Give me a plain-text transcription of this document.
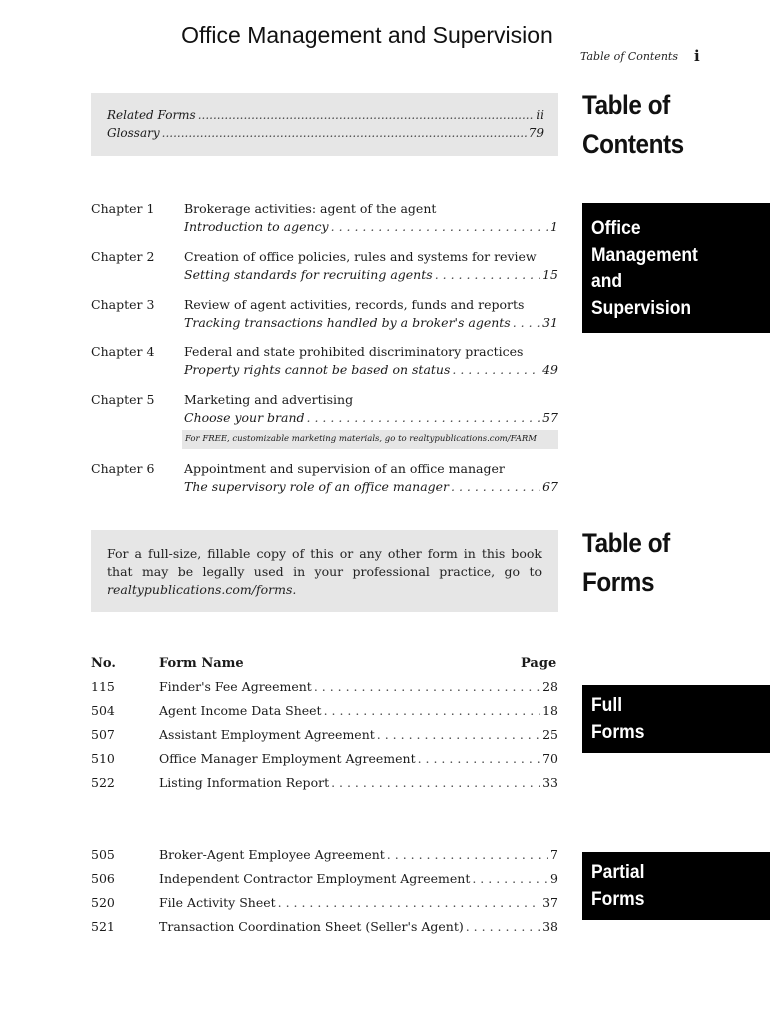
Office Management and Supervision
Table of Contents i
Related Forms .....	ii
Glossary .....	79
Table of
Contents
Office
Management
and
Supervision
Chapter 1 Brokerage activities: agent of the agent
Introduction to agency . . .	1
Chapter 2 Creation of office policies, rules and systems for review
Setting standards for recruiting agents . . .	15
Chapter 3 Review of agent activities, records, funds and reports
Tracking transactions handled by a broker's agents . . .	31
Chapter 4 Federal and state prohibited discriminatory practices
Property rights cannot be based on status . . .	49
Chapter 5 Marketing and advertising
Choose your brand . . .	57
For FREE, customizable marketing materials, go to realtypublications.com/FARM
Chapter 6 Appointment and supervision of an office manager
The supervisory role of an office manager . . .	67
For a full-size, fillable copy of this or any other form in this book that may be legally used in your professional practice, go to realtypublications.com/forms.
Table of
Forms
No.	Form Name	Page
Full
Forms
115	Finder's Fee Agreement . . .	28
504	Agent Income Data Sheet . . .	18
507	Assistant Employment Agreement . . .	25
510	Office Manager Employment Agreement . . .	70
522	Listing Information Report . . .	33
Partial
Forms
505	Broker-Agent Employee Agreement . . .	7
506	Independent Contractor Employment Agreement . . .	9
520	File Activity Sheet . . .	37
521	Transaction Coordination Sheet (Seller's Agent) . . .	38
